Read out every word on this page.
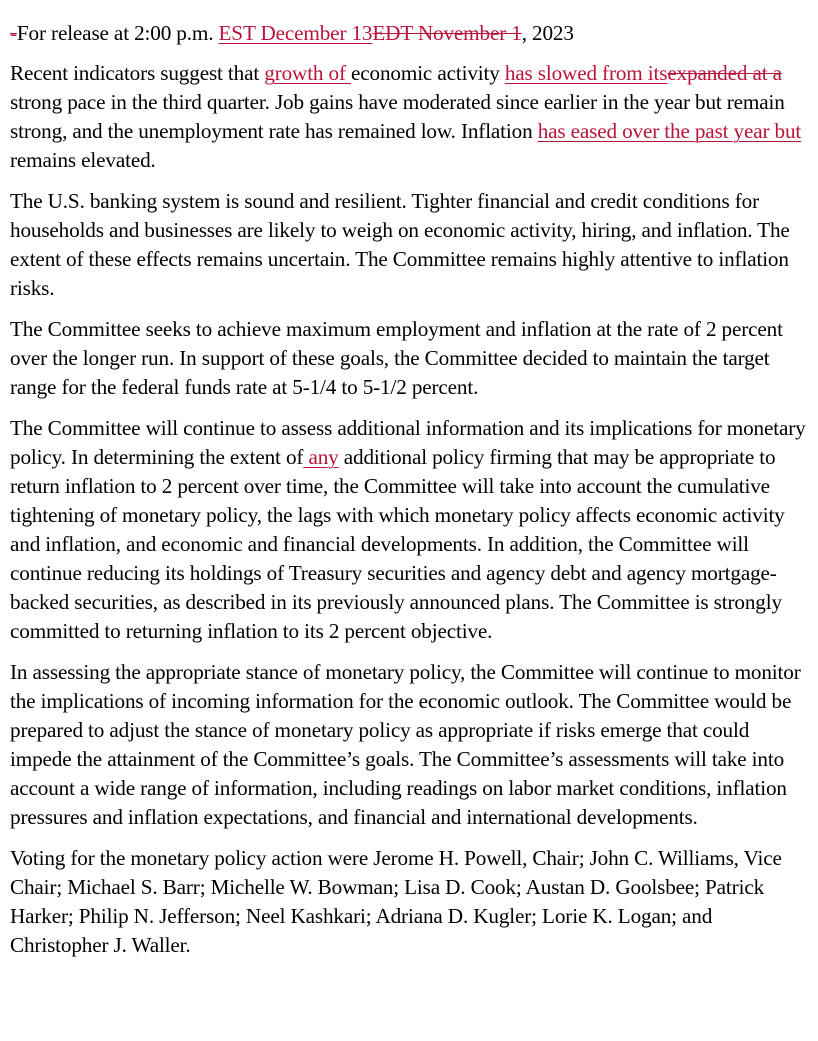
-For release at 2:00 p.m. EST December 13EDT November 1, 2023

Recent indicators suggest that growth of economic activity has slowed from itsexpanded at a strong pace in the third quarter. Job gains have moderated since earlier in the year but remain strong, and the unemployment rate has remained low. Inflation has eased over the past year but remains elevated.

The U.S. banking system is sound and resilient. Tighter financial and credit conditions for households and businesses are likely to weigh on economic activity, hiring, and inflation. The extent of these effects remains uncertain. The Committee remains highly attentive to inflation risks.

The Committee seeks to achieve maximum employment and inflation at the rate of 2 percent over the longer run. In support of these goals, the Committee decided to maintain the target range for the federal funds rate at 5-1/4 to 5-1/2 percent.

The Committee will continue to assess additional information and its implications for monetary policy. In determining the extent of any additional policy firming that may be appropriate to return inflation to 2 percent over time, the Committee will take into account the cumulative tightening of monetary policy, the lags with which monetary policy affects economic activity and inflation, and economic and financial developments. In addition, the Committee will continue reducing its holdings of Treasury securities and agency debt and agency mortgage-backed securities, as described in its previously announced plans. The Committee is strongly committed to returning inflation to its 2 percent objective.

In assessing the appropriate stance of monetary policy, the Committee will continue to monitor the implications of incoming information for the economic outlook. The Committee would be prepared to adjust the stance of monetary policy as appropriate if risks emerge that could impede the attainment of the Committee’s goals. The Committee’s assessments will take into account a wide range of information, including readings on labor market conditions, inflation pressures and inflation expectations, and financial and international developments.

Voting for the monetary policy action were Jerome H. Powell, Chair; John C. Williams, Vice Chair; Michael S. Barr; Michelle W. Bowman; Lisa D. Cook; Austan D. Goolsbee; Patrick Harker; Philip N. Jefferson; Neel Kashkari; Adriana D. Kugler; Lorie K. Logan; and Christopher J. Waller.
